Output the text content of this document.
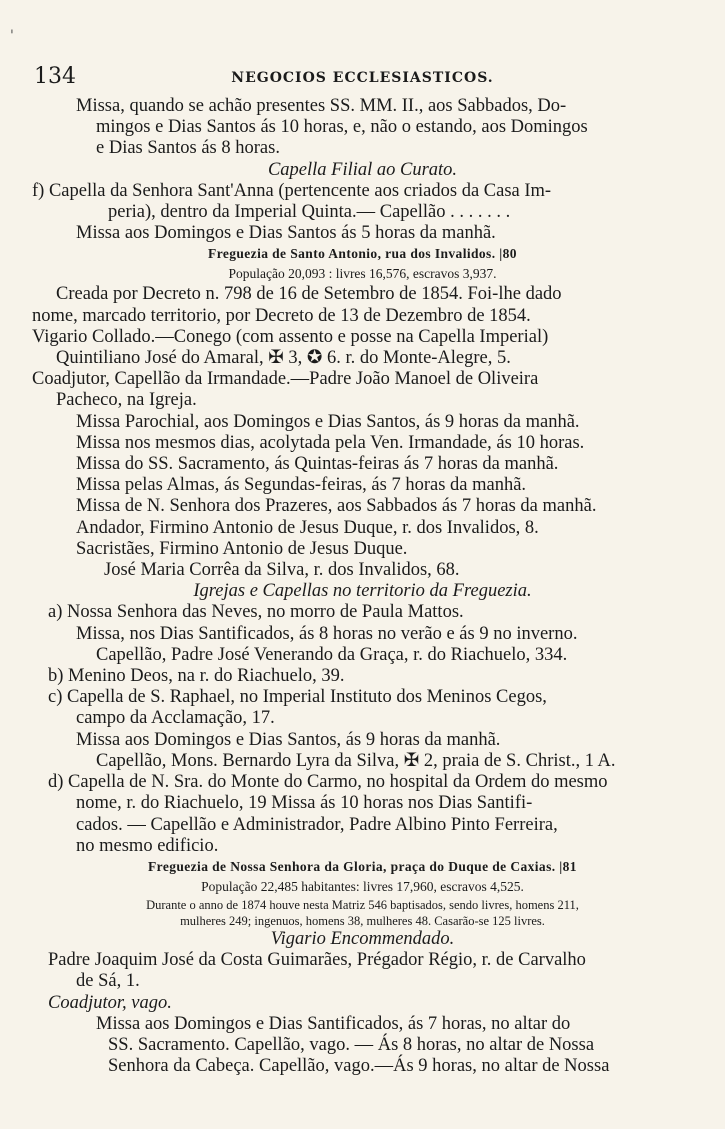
'
134	NEGOCIOS ECCLESIASTICOS.
Missa, quando se achão presentes SS. MM. II., aos Sabbados, Do-
mingos e Dias Santos ás 10 horas, e, não o estando, aos Domingos
e Dias Santos ás 8 horas.
Capella Filial ao Curato.
f) Capella da Senhora Sant'Anna (pertencente aos criados da Casa Im-
peria), dentro da Imperial Quinta.— Capellão . . . . . . .
Missa aos Domingos e Dias Santos ás 5 horas da manhã.
Freguezia de Santo Antonio, rua dos Invalidos. |80
População 20,093 : livres 16,576, escravos 3,937.
Creada por Decreto n. 798 de 16 de Setembro de 1854. Foi-lhe dado
nome, marcado territorio, por Decreto de 13 de Dezembro de 1854.
Vigario Collado.—Conego (com assento e posse na Capella Imperial)
Quintiliano José do Amaral, ✠ 3, ✪ 6. r. do Monte-Alegre, 5.
Coadjutor, Capellão da Irmandade.—Padre João Manoel de Oliveira
Pacheco, na Igreja.
Missa Parochial, aos Domingos e Dias Santos, ás 9 horas da manhã.
Missa nos mesmos dias, acolytada pela Ven. Irmandade, ás 10 horas.
Missa do SS. Sacramento, ás Quintas-feiras ás 7 horas da manhã.
Missa pelas Almas, ás Segundas-feiras, ás 7 horas da manhã.
Missa de N. Senhora dos Prazeres, aos Sabbados ás 7 horas da manhã.
Andador, Firmino Antonio de Jesus Duque, r. dos Invalidos, 8.
Sacristães, Firmino Antonio de Jesus Duque.
José Maria Corrêa da Silva, r. dos Invalidos, 68.
Igrejas e Capellas no territorio da Freguezia.
a) Nossa Senhora das Neves, no morro de Paula Mattos.
Missa, nos Dias Santificados, ás 8 horas no verão e ás 9 no inverno.
Capellão, Padre José Venerando da Graça, r. do Riachuelo, 334.
b) Menino Deos, na r. do Riachuelo, 39.
c) Capella de S. Raphael, no Imperial Instituto dos Meninos Cegos,
campo da Acclamação, 17.
Missa aos Domingos e Dias Santos, ás 9 horas da manhã.
Capellão, Mons. Bernardo Lyra da Silva, ✠ 2, praia de S. Christ., 1 A.
d) Capella de N. Sra. do Monte do Carmo, no hospital da Ordem do mesmo
nome, r. do Riachuelo, 19 Missa ás 10 horas nos Dias Santifi-
cados. — Capellão e Administrador, Padre Albino Pinto Ferreira,
no mesmo edificio.
Freguezia de Nossa Senhora da Gloria, praça do Duque de Caxias. |81
População 22,485 habitantes: livres 17,960, escravos 4,525.
Durante o anno de 1874 houve nesta Matriz 546 baptisados, sendo livres, homens 211,
mulheres 249; ingenuos, homens 38, mulheres 48. Casarão-se 125 livres.
Vigario Encommendado.
Padre Joaquim José da Costa Guimarães, Prégador Régio, r. de Carvalho
de Sá, 1.
Coadjutor, vago.
Missa aos Domingos e Dias Santificados, ás 7 horas, no altar do
SS. Sacramento. Capellão, vago. — Ás 8 horas, no altar de Nossa
Senhora da Cabeça. Capellão, vago.—Ás 9 horas, no altar de Nossa
